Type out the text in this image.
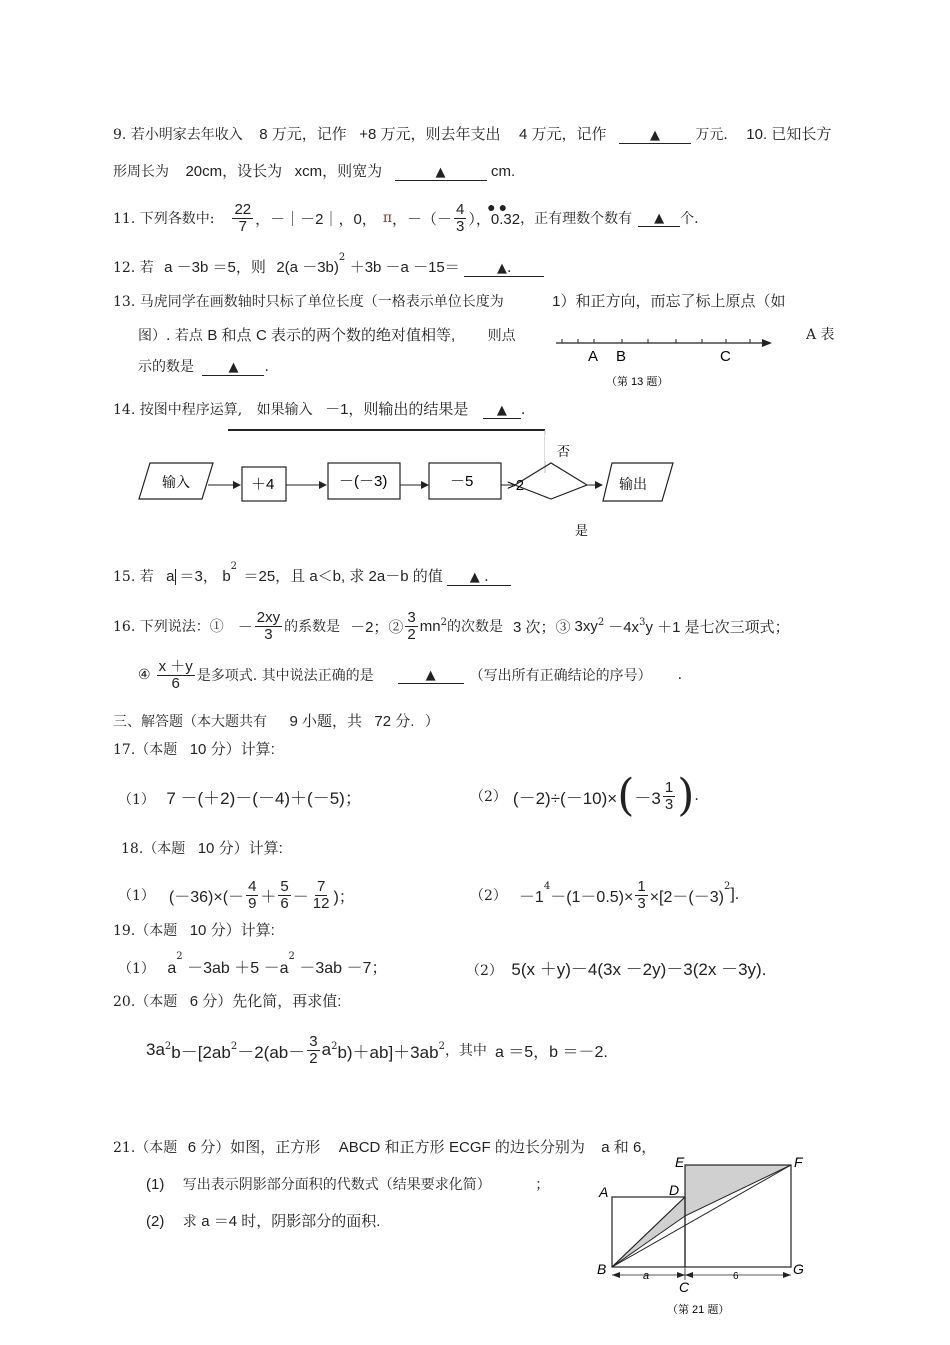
9. 若小明家去年收入 8 万元，记作 +8 万元，则去年支出 4 万元，记作	▲	万元. 10. 已知长方
形周长为 20cm，设长为 xcm，则宽为	▲	cm.
11. 下列各数中: $\frac{22}{7}$ ，－｜－2｜，0， π ，－（－ $\frac{4}{3}$ ），0.32
●●
，正有理数个数有	▲	个.
12. 若 a －3b ＝5，则 $2(a -3b)^2 +3b -a -15=$	▲.
13. 马虎同学在画数轴时只标了单位长度（一格表示单位长度为	1）和正方向，而忘了标上原点（如
图）. 若点 B 和点 C 表示的两个数的绝对值相等, 则点	A 表
示的数是	▲ .
A B	C
（第 13 题）
14. 按图中程序运算, 如果输入 －1，则输出的结果是 ▲ .
输入	＋4	－(－3)	－5 >2
否
输出
是
15. 若 a ＝3， $b^2 =25$，且 a＜b, 求 2a－b 的值 ▲ .
16. 下列说法：① － $\frac{2xy}{3}$ 的系数是 －2；② $\frac{3}{2}$ mn 2 的次数是 3 次；③ 3xy 2 －4x 3 y ＋1 是七次三项式；
④ $\frac{x +y}{6}$ 是多项式. 其中说法正确的是	▲	（写出所有正确结论的序号） .
三、解答题（本大题共有 9 小题，共 72 分. ）
17.（本题 10 分）计算:
（1） 7 －(＋2)－(－4)＋(－5)；	（2） (－2)÷(－10)× ( $-3 \frac{1}{3}$ ) .
18.（本题 10 分）计算:
（1） $(-36)\times(- \frac{4}{9} + \frac{5}{6} - \frac{7}{12}$ )；	（2） －1
4
$-(1-0.5)\times \frac{1}{3} \times[2-(-3)$
2 ].
19.（本题 10 分）计算:
（1） $a^2 -3ab +5 -a^2 -3ab -7$；	（2） 5(x ＋y)－4(3x －2y)－3(2x －3y).
20.（本题 6 分）先化简，再求值:
3a 2 b－[2ab $2 -2(ab- \frac{3}{2}$ a 2 b)＋ab]＋3ab 2 ，其中 a ＝5，b ＝－2.
21.（本题 6 分）如图，正方形 ABCD 和正方形 ECGF 的边长分别为 a 和 6，
(1) 写出表示阴影部分面积的代数式（结果要求化简）	；
(2) 求 a ＝4 时，阴影部分的面积.
A
B
C
D
E	F
G
a	6
（第 21 题）
